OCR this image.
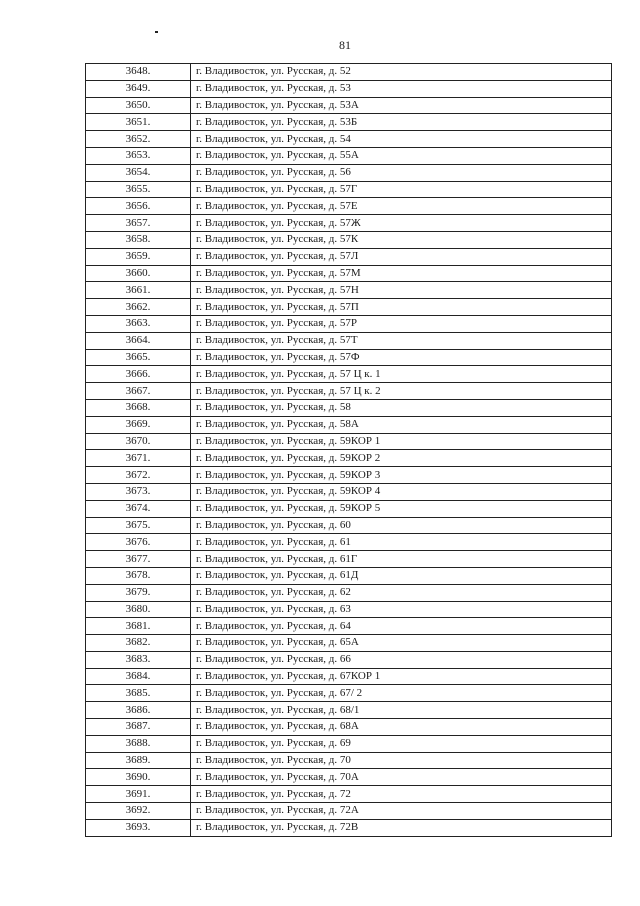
81
3648.	г. Владивосток, ул. Русская, д. 52
3649.	г. Владивосток, ул. Русская, д. 53
3650.	г. Владивосток, ул. Русская, д. 53А
3651.	г. Владивосток, ул. Русская, д. 53Б
3652.	г. Владивосток, ул. Русская, д. 54
3653.	г. Владивосток, ул. Русская, д. 55А
3654.	г. Владивосток, ул. Русская, д. 56
3655.	г. Владивосток, ул. Русская, д. 57Г
3656.	г. Владивосток, ул. Русская, д. 57Е
3657.	г. Владивосток, ул. Русская, д. 57Ж
3658.	г. Владивосток, ул. Русская, д. 57К
3659.	г. Владивосток, ул. Русская, д. 57Л
3660.	г. Владивосток, ул. Русская, д. 57М
3661.	г. Владивосток, ул. Русская, д. 57Н
3662.	г. Владивосток, ул. Русская, д. 57П
3663.	г. Владивосток, ул. Русская, д. 57Р
3664.	г. Владивосток, ул. Русская, д. 57Т
3665.	г. Владивосток, ул. Русская, д. 57Ф
3666.	г. Владивосток, ул. Русская, д. 57 Ц к. 1
3667.	г. Владивосток, ул. Русская, д. 57 Ц к. 2
3668.	г. Владивосток, ул. Русская, д. 58
3669.	г. Владивосток, ул. Русская, д. 58А
3670.	г. Владивосток, ул. Русская, д. 59КОР 1
3671.	г. Владивосток, ул. Русская, д. 59КОР 2
3672.	г. Владивосток, ул. Русская, д. 59КОР 3
3673.	г. Владивосток, ул. Русская, д. 59КОР 4
3674.	г. Владивосток, ул. Русская, д. 59КОР 5
3675.	г. Владивосток, ул. Русская, д. 60
3676.	г. Владивосток, ул. Русская, д. 61
3677.	г. Владивосток, ул. Русская, д. 61Г
3678.	г. Владивосток, ул. Русская, д. 61Д
3679.	г. Владивосток, ул. Русская, д. 62
3680.	г. Владивосток, ул. Русская, д. 63
3681.	г. Владивосток, ул. Русская, д. 64
3682.	г. Владивосток, ул. Русская, д. 65А
3683.	г. Владивосток, ул. Русская, д. 66
3684.	г. Владивосток, ул. Русская, д. 67КОР 1
3685.	г. Владивосток, ул. Русская, д. 67/ 2
3686.	г. Владивосток, ул. Русская, д. 68/1
3687.	г. Владивосток, ул. Русская, д. 68А
3688.	г. Владивосток, ул. Русская, д. 69
3689.	г. Владивосток, ул. Русская, д. 70
3690.	г. Владивосток, ул. Русская, д. 70А
3691.	г. Владивосток, ул. Русская, д. 72
3692.	г. Владивосток, ул. Русская, д. 72А
3693.	г. Владивосток, ул. Русская, д. 72В
